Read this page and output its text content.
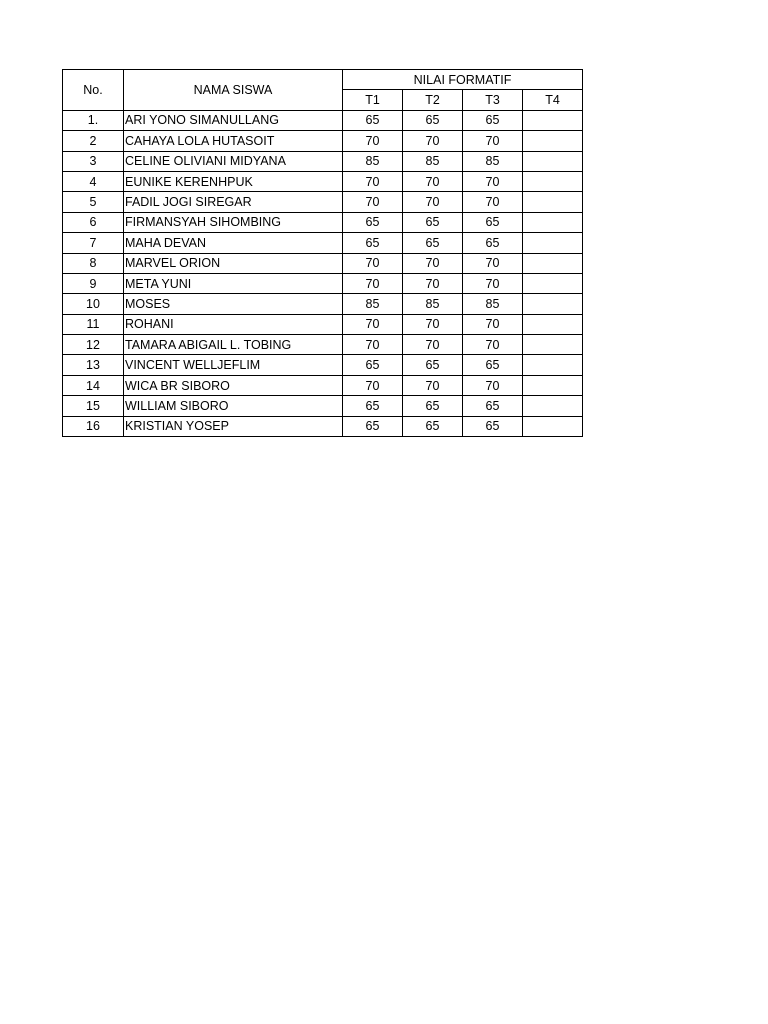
No.	NAMA SISWA	NILAI FORMATIF			
		T1	T2	T3	T4
1.	ARI YONO SIMANULLANG	65	65	65	
2	CAHAYA LOLA HUTASOIT	70	70	70	
3	CELINE OLIVIANI MIDYANA	85	85	85	
4	EUNIKE KERENHPUK	70	70	70	
5	FADIL JOGI SIREGAR	70	70	70	
6	FIRMANSYAH SIHOMBING	65	65	65	
7	MAHA DEVAN	65	65	65	
8	MARVEL ORION	70	70	70	
9	META YUNI	70	70	70	
10	MOSES	85	85	85	
11	ROHANI	70	70	70	
12	TAMARA ABIGAIL L. TOBING	70	70	70	
13	VINCENT WELLJEFLIM	65	65	65	
14	WICA BR SIBORO	70	70	70	
15	WILLIAM SIBORO	65	65	65	
16	KRISTIAN YOSEP	65	65	65	
